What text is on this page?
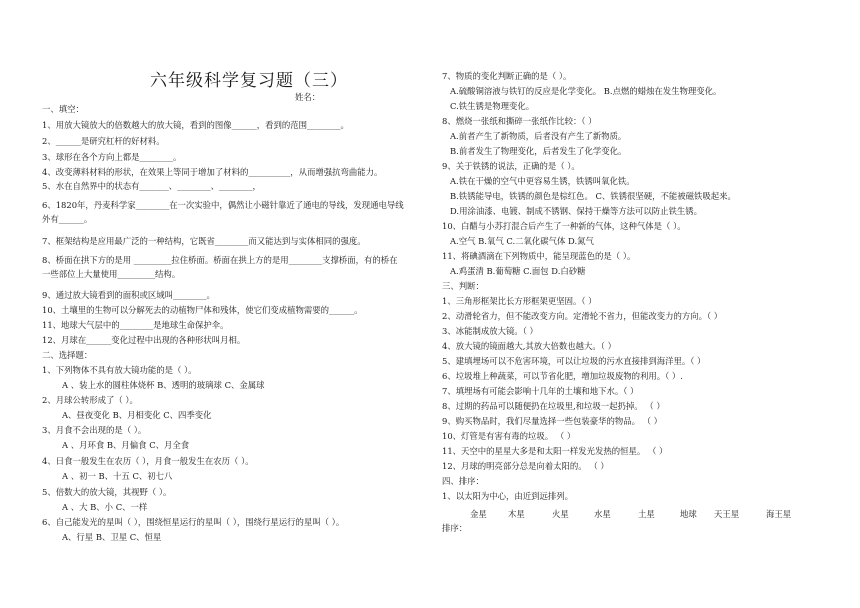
六年级科学复习题（三）
姓名：
一、填空：
1、用放大镜放大的倍数越大的放大镜，看到的图像______，看到的范围________。
2、______是研究杠杆的好材料。
3、球形在各个方向上都是________。
4、改变薄料材料的形状，在效果上等同于增加了材料的__________，从而增强抗弯曲能力。
5、水在自然界中的状态有_______、________、________，
6、1820年，丹麦科学家________在一次实验中，偶然让小磁针靠近了通电的导线，发现通电导线
外有______。
7、框架结构是应用最广泛的一种结构，它既省________而又能达到与实体相同的强度。
8、桥面在拱下方的是用 _________拉住桥面。桥面在拱上方的是用________支撑桥面，有的桥在
一些部位上大量使用_________结构。
9、通过放大镜看到的面积或区域叫________。
10、土壤里的生物可以分解死去的动植物尸体和残体，使它们变成植物需要的______。
11、地球大气层中的________是地球生命保护伞。
12、月球在______变化过程中出现的各种形状叫月相。
二、选择题：
1、下列物体不具有放大镜功能的是（ ）。
A 、装上水的圆柱体烧杯 B、透明的玻璃球 C、金属球
2、月球公转形成了（ ）。
A、昼夜变化 B、月相变化 C、四季变化
3、月食不会出现的是（ ）。
A 、月环食 B、月偏食 C、月全食
4、日食一般发生在农历（ ），月食一般发生在农历（ ）。
A 、初一 B、十五 C、初七八
5、倍数大的放大镜，其视野（ ）。
A 、大 B、小 C、一样
6、自己能发光的星叫（ ），围绕恒星运行的星叫（ ），围绕行星运行的星叫（ ）。
A、行星 B、卫星 C、恒星
7、物质的变化判断正确的是（ ）。
A.硫酸铜溶液与铁钉的反应是化学变化。 B.点燃的蜡烛在发生物理变化。
C.铁生锈是物理变化。
8、燃烧一张纸和撕碎一张纸作比较：（ ）
A.前者产生了新物质，后者没有产生了新物质。
B.前者发生了物理变化，后者发生了化学变化。
9、关于铁锈的说法，正确的是（ ）。
A.铁在干燥的空气中更容易生锈，铁锈叫氧化铁。
B.铁锈能导电，铁锈的颜色是棕红色。 C、铁锈很坚硬，不能被磁铁吸起来。
D.用涂油漆、电镀、制成不锈钢、保持干燥等方法可以防止铁生锈。
10、白醋与小苏打混合后产生了一种新的气体，这种气体是（ ）。
A.空气 B.氧气 C.二氧化碳气体 D.氮气
11、将碘酒滴在下列物质中，能呈现蓝色的是（ ）。
A.鸡蛋清 B.葡萄糖 C.面包 D.白砂糖
三、判断：
1、三角形框架比长方形框架更坚固。（ ）
2、动滑轮省力，但不能改变方向。定滑轮不省力，但能改变力的方向。（ ）
3、冰能制成放大镜。（ ）
4、放大镜的镜面越大,其放大倍数也越大。（ ）
5、建填埋场可以不危害环境，可以让垃圾的污水直接排到海洋里。（ ）
6、垃圾堆上种蔬菜，可以节省化肥，增加垃圾废物的利用。（ ）.
7、填埋场有可能会影响十几年的土壤和地下水。（ ）
8、过期的药品可以随便扔在垃圾里,和垃圾一起扔掉。 （ ）
9、购买物品时，我们尽量选择一些包装豪华的物品。 （ ）
10、灯管是有害有毒的垃圾。 （ ）
11、天空中的星星大多是和太阳一样发光发热的恒星。 （ ）
12、月球的明亮部分总是向着太阳的。 （ ）
四、排序：
1、以太阳为中心，由近到远排列。
金星	木星	火星	水星	土星	地球 天王星	海王星
排序：
